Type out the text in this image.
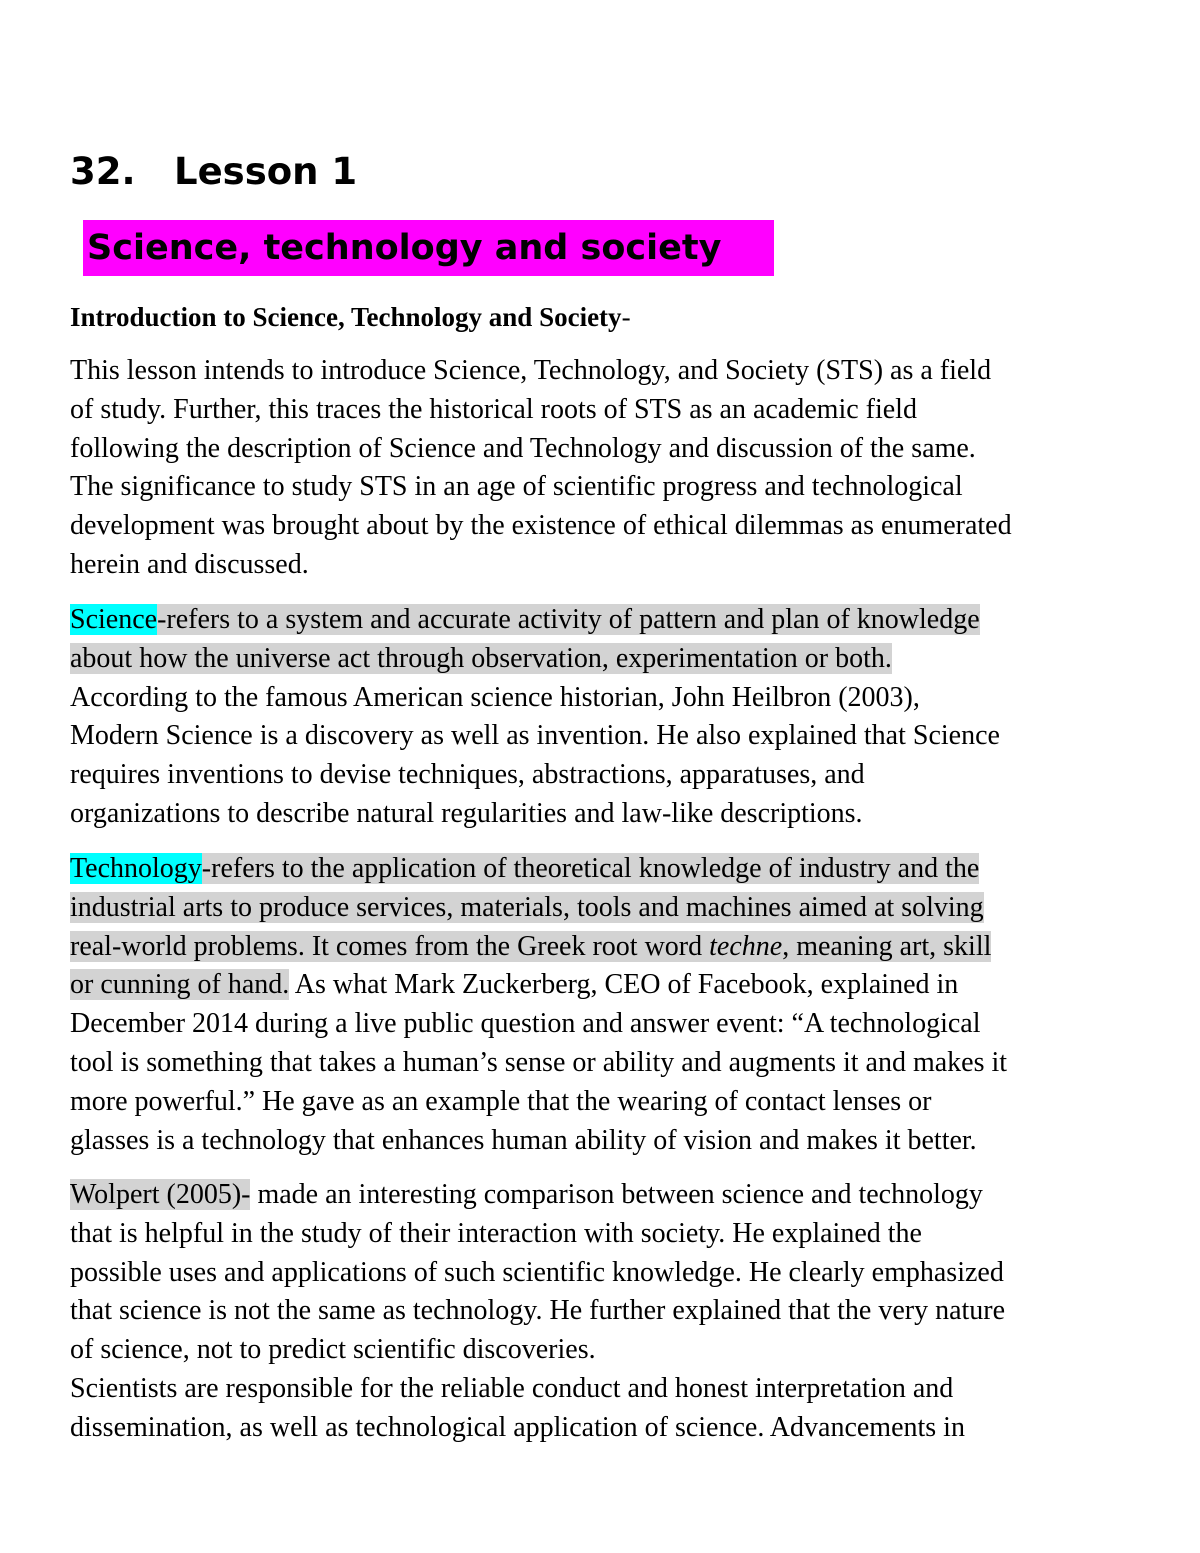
32. Lesson 1
Science, technology and society

Introduction to Science, Technology and Society-

This lesson intends to introduce Science, Technology, and Society (STS) as a field
of study. Further, this traces the historical roots of STS as an academic field
following the description of Science and Technology and discussion of the same.
The significance to study STS in an age of scientific progress and technological
development was brought about by the existence of ethical dilemmas as enumerated
herein and discussed.
Science-refers to a system and accurate activity of pattern and plan of knowledge
about how the universe act through observation, experimentation or both.
According to the famous American science historian, John Heilbron (2003),
Modern Science is a discovery as well as invention. He also explained that Science
requires inventions to devise techniques, abstractions, apparatuses, and
organizations to describe natural regularities and law-like descriptions.
Technology-refers to the application of theoretical knowledge of industry and the
industrial arts to produce services, materials, tools and machines aimed at solving
real-world problems. It comes from the Greek root word techne, meaning art, skill
or cunning of hand. As what Mark Zuckerberg, CEO of Facebook, explained in
December 2014 during a live public question and answer event: “A technological
tool is something that takes a human’s sense or ability and augments it and makes it
more powerful.” He gave as an example that the wearing of contact lenses or
glasses is a technology that enhances human ability of vision and makes it better.
Wolpert (2005)- made an interesting comparison between science and technology
that is helpful in the study of their interaction with society. He explained the
possible uses and applications of such scientific knowledge. He clearly emphasized
that science is not the same as technology. He further explained that the very nature
of science, not to predict scientific discoveries.
Scientists are responsible for the reliable conduct and honest interpretation and
dissemination, as well as technological application of science. Advancements in
